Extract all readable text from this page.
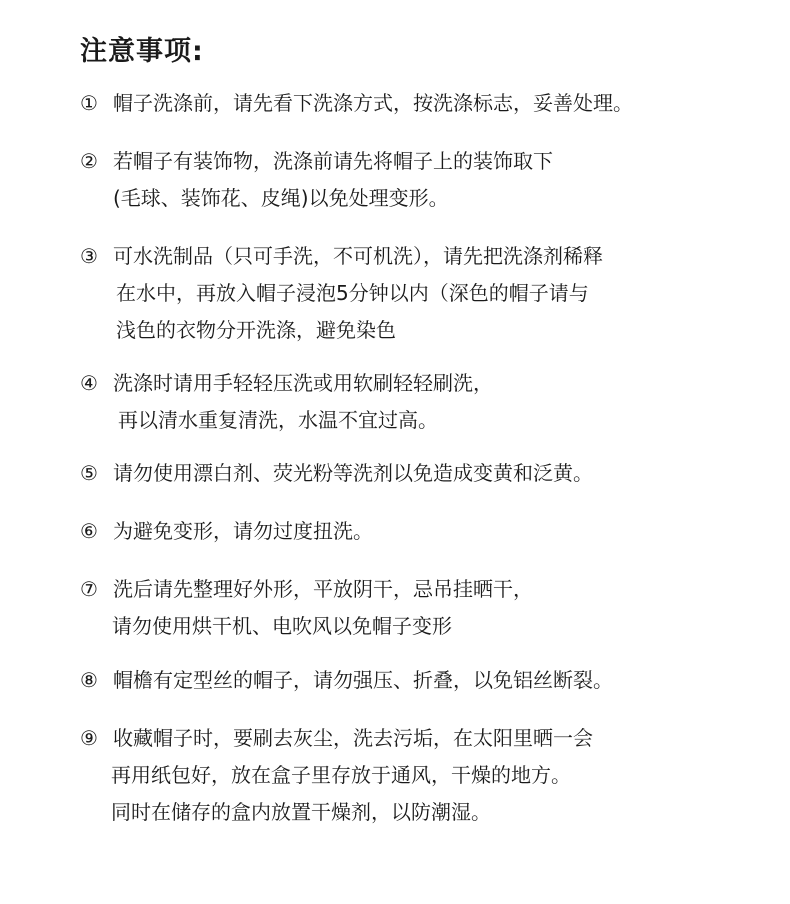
注意事项:
① 帽子洗涤前，请先看下洗涤方式，按洗涤标志，妥善处理。
② 若帽子有装饰物，洗涤前请先将帽子上的装饰取下
(毛球、装饰花、皮绳)以免处理变形。
③ 可水洗制品（只可手洗，不可机洗），请先把洗涤剂稀释
在水中，再放入帽子浸泡5分钟以内（深色的帽子请与
浅色的衣物分开洗涤，避免染色
④ 洗涤时请用手轻轻压洗或用软刷轻轻刷洗，
再以清水重复清洗，水温不宜过高。
⑤ 请勿使用漂白剂、荧光粉等洗剂以免造成变黄和泛黄。
⑥ 为避免变形，请勿过度扭洗。
⑦ 洗后请先整理好外形，平放阴干，忌吊挂晒干，
请勿使用烘干机、电吹风以免帽子变形
⑧ 帽檐有定型丝的帽子，请勿强压、折叠，以免铝丝断裂。
⑨ 收藏帽子时，要刷去灰尘，洗去污垢，在太阳里晒一会
再用纸包好，放在盒子里存放于通风，干燥的地方。
同时在储存的盒内放置干燥剂，以防潮湿。
